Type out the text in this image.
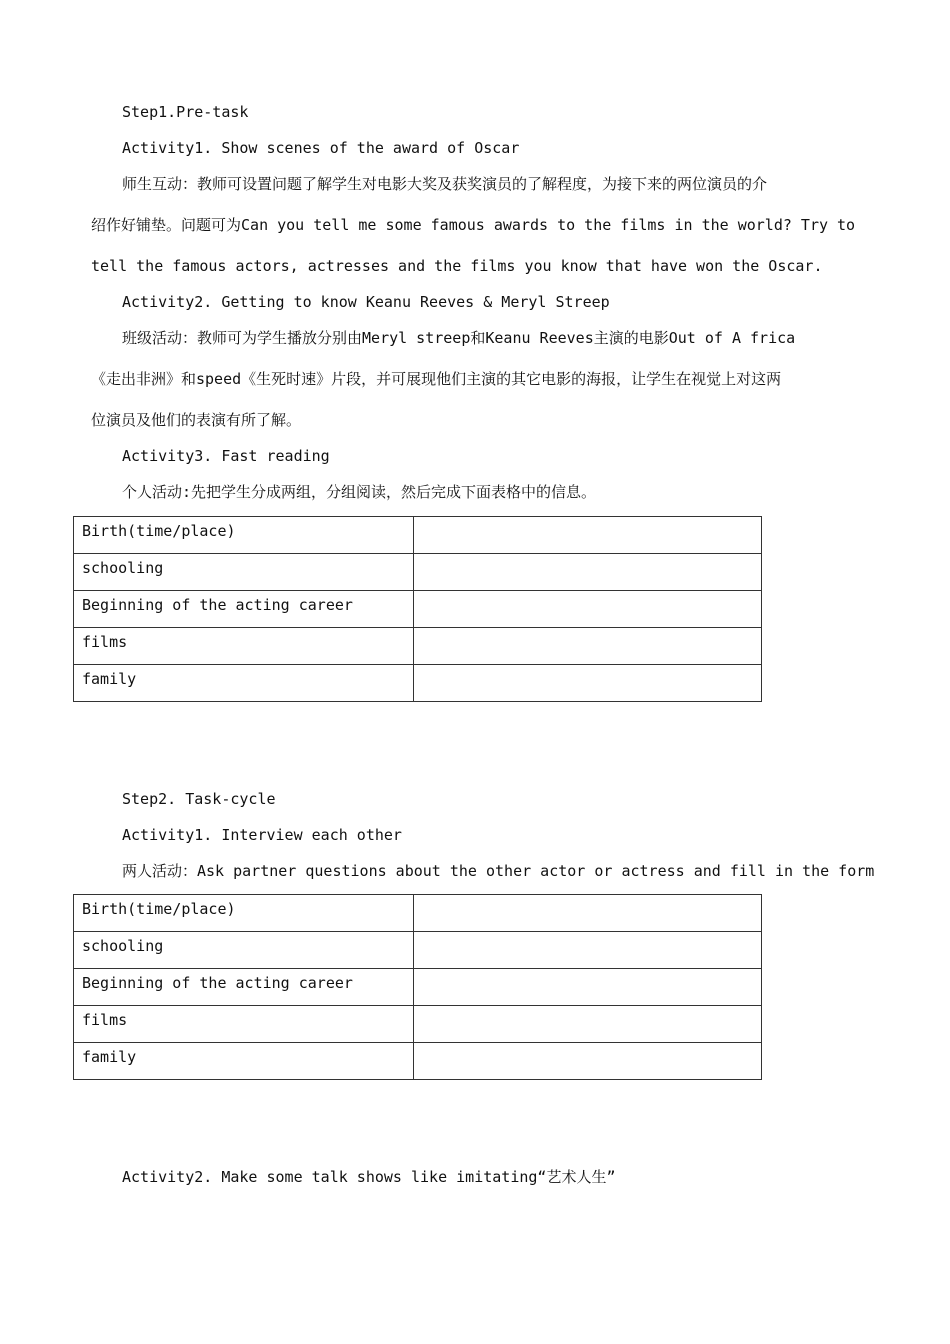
Step1.Pre-task
Activity1. Show scenes of the award of Oscar
师生互动：教师可设置问题了解学生对电影大奖及获奖演员的了解程度，为接下来的两位演员的介
绍作好铺垫。问题可为Can you tell me some famous awards to the films in the world? Try to
tell the famous actors, actresses and the films you know that have won the Oscar.
Activity2. Getting to know Keanu Reeves & Meryl Streep
班级活动：教师可为学生播放分别由Meryl streep和Keanu Reeves主演的电影Out of A frica
《走出非洲》和speed《生死时速》片段，并可展现他们主演的其它电影的海报，让学生在视觉上对这两
位演员及他们的表演有所了解。
Activity3. Fast reading
个人活动:先把学生分成两组，分组阅读，然后完成下面表格中的信息。
Birth(time/place)	
schooling	
Beginning of the acting career	
films	
family	
Step2. Task-cycle
Activity1. Interview each other
两人活动：Ask partner questions about the other actor or actress and fill in the form
Birth(time/place)	
schooling	
Beginning of the acting career	
films	
family	
Activity2. Make some talk shows like imitating“艺术人生”
